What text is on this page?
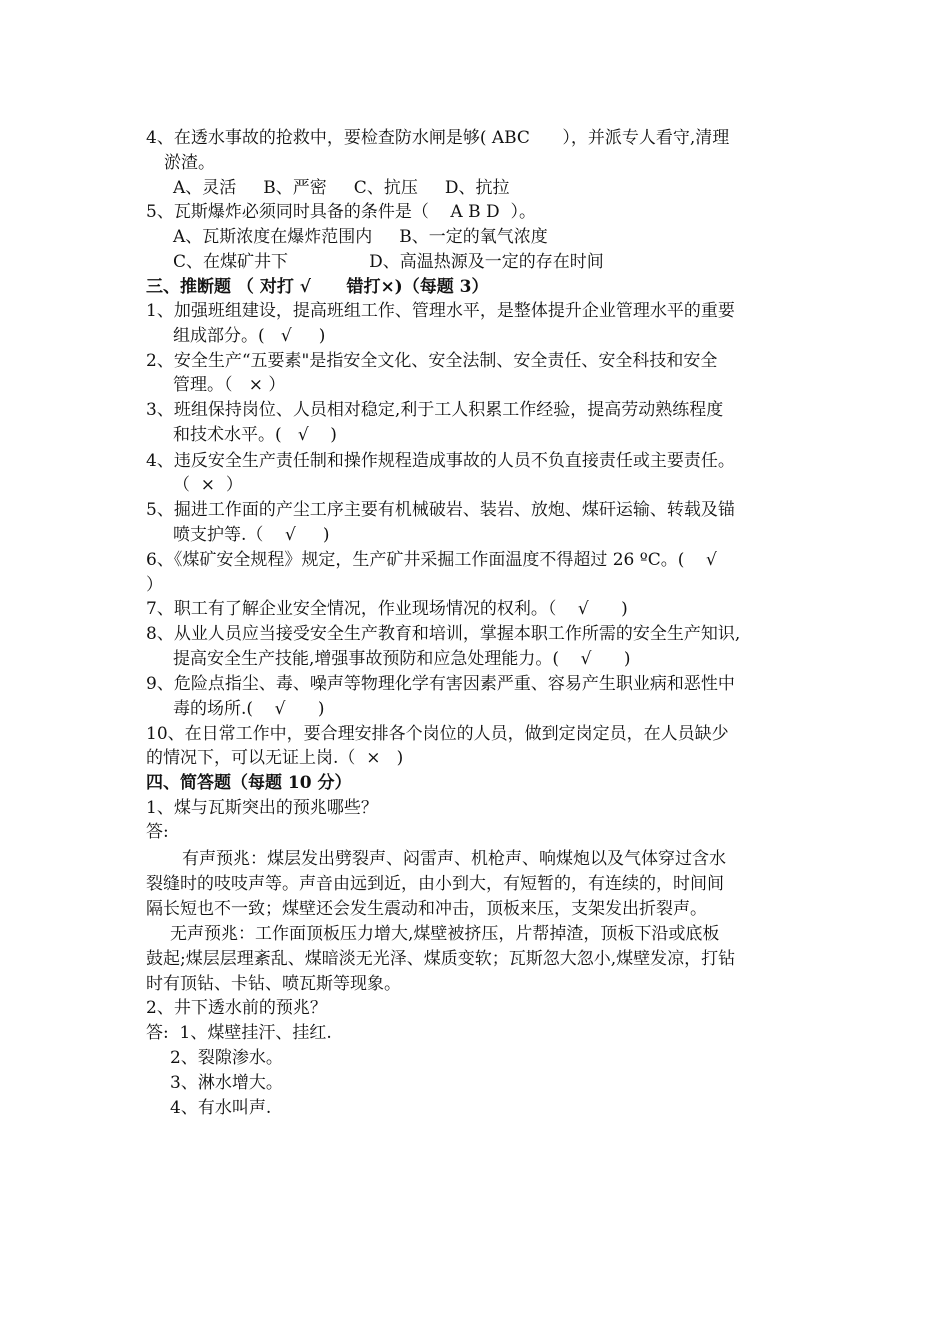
4、在透水事故的抢救中，要检查防水闸是够( ABC      ），并派专人看守,清理
淤渣。
A、灵活     B、严密     C、抗压     D、抗拉
5、瓦斯爆炸必须同时具备的条件是（    A B D  ）。
A、瓦斯浓度在爆炸范围内     B、一定的氧气浓度
C、在煤矿井下               D、高温热源及一定的存在时间
三、推断题 （ 对打 √      错打×)（每题 3）
1、加强班组建设，提高班组工作、管理水平，是整体提升企业管理水平的重要
组成部分。(   √     )
2、安全生产“五要素"是指安全文化、安全法制、安全责任、安全科技和安全
管理。（   × ）
3、班组保持岗位、人员相对稳定,利于工人积累工作经验，提高劳动熟练程度
和技术水平。(   √    )
4、违反安全生产责任制和操作规程造成事故的人员不负直接责任或主要责任。
（  ×  ）
5、掘进工作面的产尘工序主要有机械破岩、装岩、放炮、煤矸运输、转载及锚
喷支护等.（    √     )
6、《煤矿安全规程》规定，生产矿井采掘工作面温度不得超过 26 ºC。(    √
）
7、职工有了解企业安全情况，作业现场情况的权利。（    √      )
8、从业人员应当接受安全生产教育和培训，掌握本职工作所需的安全生产知识,
提高安全生产技能,增强事故预防和应急处理能力。(    √      )
9、危险点指尘、毒、噪声等物理化学有害因素严重、容易产生职业病和恶性中
毒的场所.(    √      )
10、在日常工作中，要合理安排各个岗位的人员，做到定岗定员，在人员缺少
的情况下，可以无证上岗.（  ×   )
四、简答题（每题 10 分）
1、煤与瓦斯突出的预兆哪些？
答:
有声预兆：煤层发出劈裂声、闷雷声、机枪声、响煤炮以及气体穿过含水
裂缝时的吱吱声等。声音由远到近，由小到大，有短暂的，有连续的，时间间
隔长短也不一致；煤壁还会发生震动和冲击，顶板来压，支架发出折裂声。
无声预兆：工作面顶板压力增大,煤壁被挤压，片帮掉渣，顶板下沿或底板
鼓起;煤层层理紊乱、煤暗淡无光泽、煤质变软；瓦斯忽大忽小,煤壁发凉，打钻
时有顶钻、卡钻、喷瓦斯等现象。
2、井下透水前的预兆？
答:  1、煤壁挂汗、挂红.
2、裂隙渗水。
3、淋水增大。
4、有水叫声.
